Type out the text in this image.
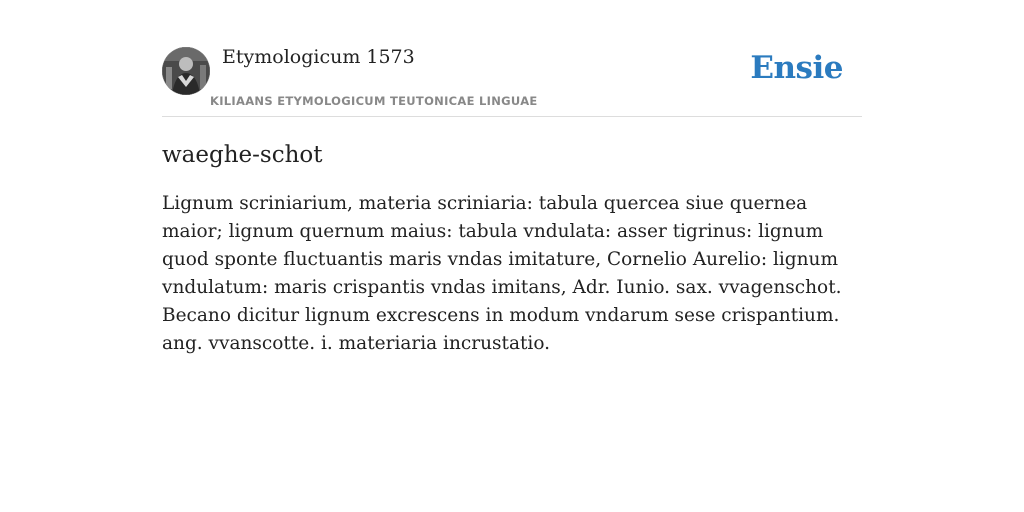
Etymologicum 1573
KILIAANS ETYMOLOGICUM TEUTONICAE LINGUAE
Ensie
waeghe-schot

Lignum scriniarium, materia scriniaria: tabula quercea siue quernea maior; lignum quernum maius: tabula vndulata: asser tigrinus: lignum quod sponte fluctuantis maris vndas imitature, Cornelio Aurelio: lignum vndulatum: maris crispantis vndas imitans, Adr. Iunio. sax. vvagenschot. Becano dicitur lignum excrescens in modum vndarum sese crispantium. ang. vvanscotte. i. materiaria incrustatio.
